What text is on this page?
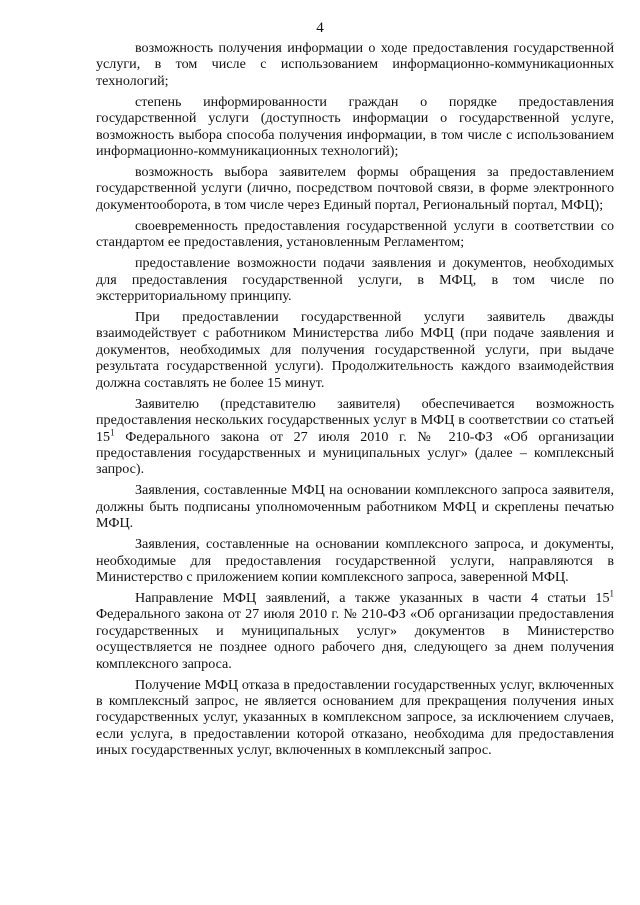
4

возможность получения информации о ходе предоставления государственной услуги, в том числе с использованием информационно-коммуникационных технологий;

степень информированности граждан о порядке предоставления государственной услуги (доступность информации о государственной услуге, возможность выбора способа получения информации, в том числе с использованием информационно-коммуникационных технологий);

возможность выбора заявителем формы обращения за предоставлением государственной услуги (лично, посредством почтовой связи, в форме электронного документооборота, в том числе через Единый портал, Региональный портал, МФЦ);

своевременность предоставления государственной услуги в соответствии со стандартом ее предоставления, установленным Регламентом;

предоставление возможности подачи заявления и документов, необходимых для предоставления государственной услуги, в МФЦ, в том числе по экстерриториальному принципу.

При предоставлении государственной услуги заявитель дважды взаимодействует с работником Министерства либо МФЦ (при подаче заявления и документов, необходимых для получения государственной услуги, при выдаче результата государственной услуги). Продолжительность каждого взаимодействия должна составлять не более 15 минут.

Заявителю (представителю заявителя) обеспечивается возможность предоставления нескольких государственных услуг в МФЦ в соответствии со статьей $15^1$ Федерального закона от 27 июля 2010 г. № 210-ФЗ «Об организации предоставления государственных и муниципальных услуг» (далее – комплексный запрос).

Заявления, составленные МФЦ на основании комплексного запроса заявителя, должны быть подписаны уполномоченным работником МФЦ и скреплены печатью МФЦ.

Заявления, составленные на основании комплексного запроса, и документы, необходимые для предоставления государственной услуги, направляются в Министерство с приложением копии комплексного запроса, заверенной МФЦ.

Направление МФЦ заявлений, а также указанных в части 4 статьи $15^1$ Федерального закона от 27 июля 2010 г. № 210-ФЗ «Об организации предоставления государственных и муниципальных услуг» документов в Министерство осуществляется не позднее одного рабочего дня, следующего за днем получения комплексного запроса.

Получение МФЦ отказа в предоставлении государственных услуг, включенных в комплексный запрос, не является основанием для прекращения получения иных государственных услуг, указанных в комплексном запросе, за исключением случаев, если услуга, в предоставлении которой отказано, необходима для предоставления иных государственных услуг, включенных в комплексный запрос.
